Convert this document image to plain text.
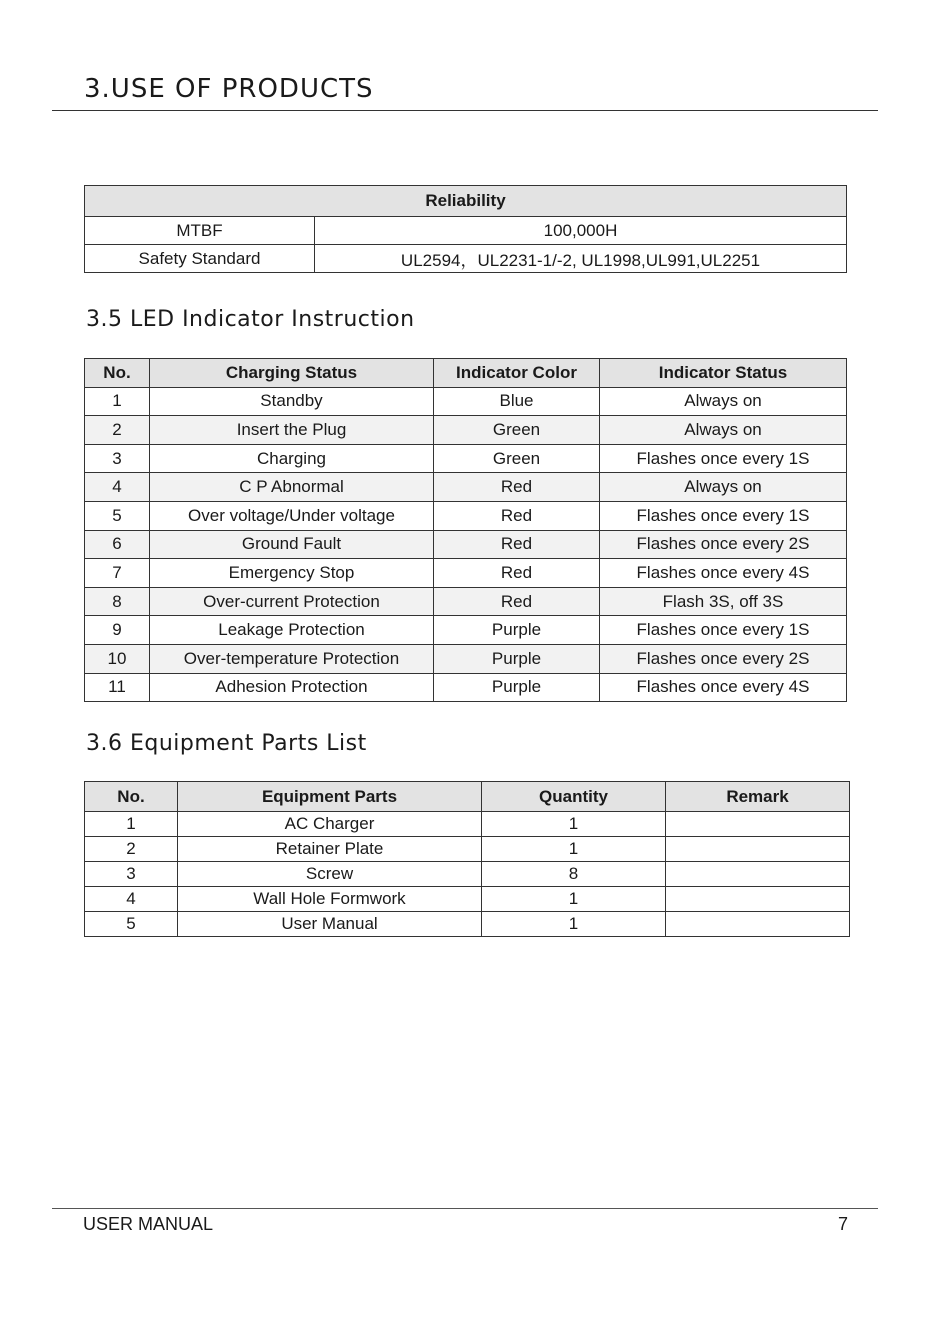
3.USE OF PRODUCTS
Reliability	
MTBF	100,000H
Safety Standard	UL2594，UL2231-1/-2, UL1998,UL991,UL2251
3.5 LED Indicator Instruction
No.	Charging Status	Indicator Color	Indicator Status
1	Standby	Blue	Always on
2	Insert the Plug	Green	Always on
3	Charging	Green	Flashes once every 1S
4	C P Abnormal	Red	Always on
5	Over voltage/Under voltage	Red	Flashes once every 1S
6	Ground Fault	Red	Flashes once every 2S
7	Emergency Stop	Red	Flashes once every 4S
8	Over-current Protection	Red	Flash 3S, off 3S
9	Leakage Protection	Purple	Flashes once every 1S
10	Over-temperature Protection	Purple	Flashes once every 2S
11	Adhesion Protection	Purple	Flashes once every 4S
3.6 Equipment Parts List
No.	Equipment Parts	Quantity	Remark
1	AC Charger	1	
2	Retainer Plate	1	
3	Screw	8	
4	Wall Hole Formwork	1	
5	User Manual	1	
USER MANUAL	7
